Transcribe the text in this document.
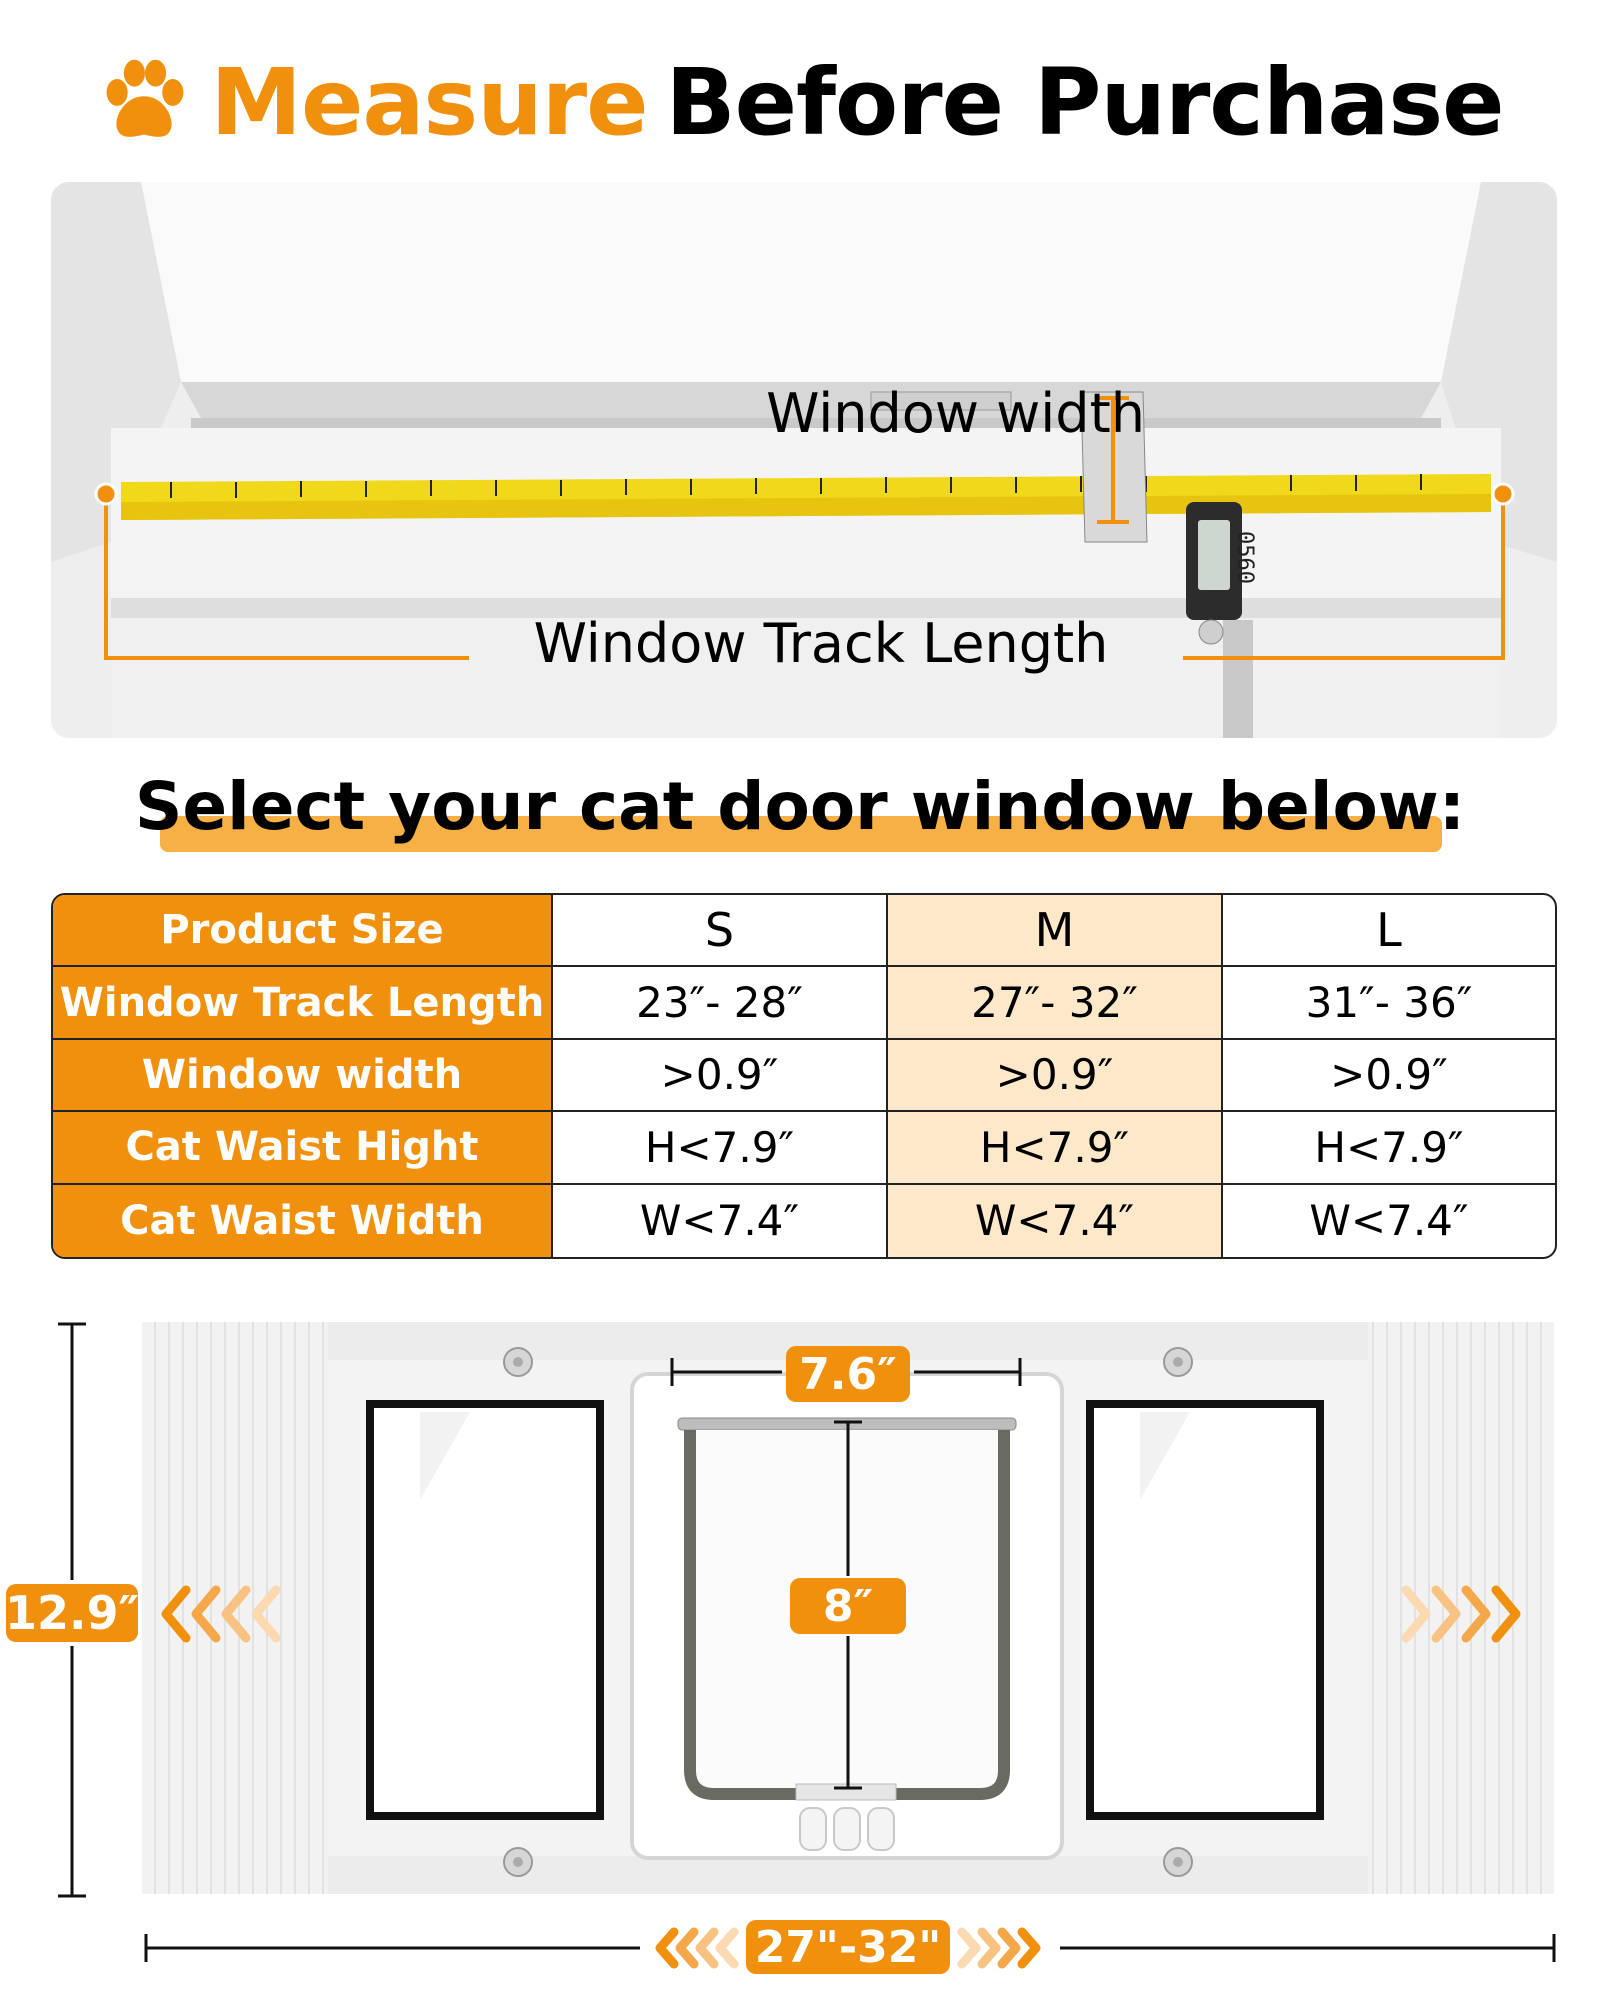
Measure Before Purchase
0560
Window width
Window Track Length
Select your cat door window below:
Product Size	S	M	L
Window Track Length	23″- 28″	27″- 32″	31″- 36″
Window width	>0.9″	>0.9″	>0.9″
Cat Waist Hight	H<7.9″	H<7.9″	H<7.9″
Cat Waist Width	W<7.4″	W<7.4″	W<7.4″
7.6″
8″
12.9″
27"-32"
